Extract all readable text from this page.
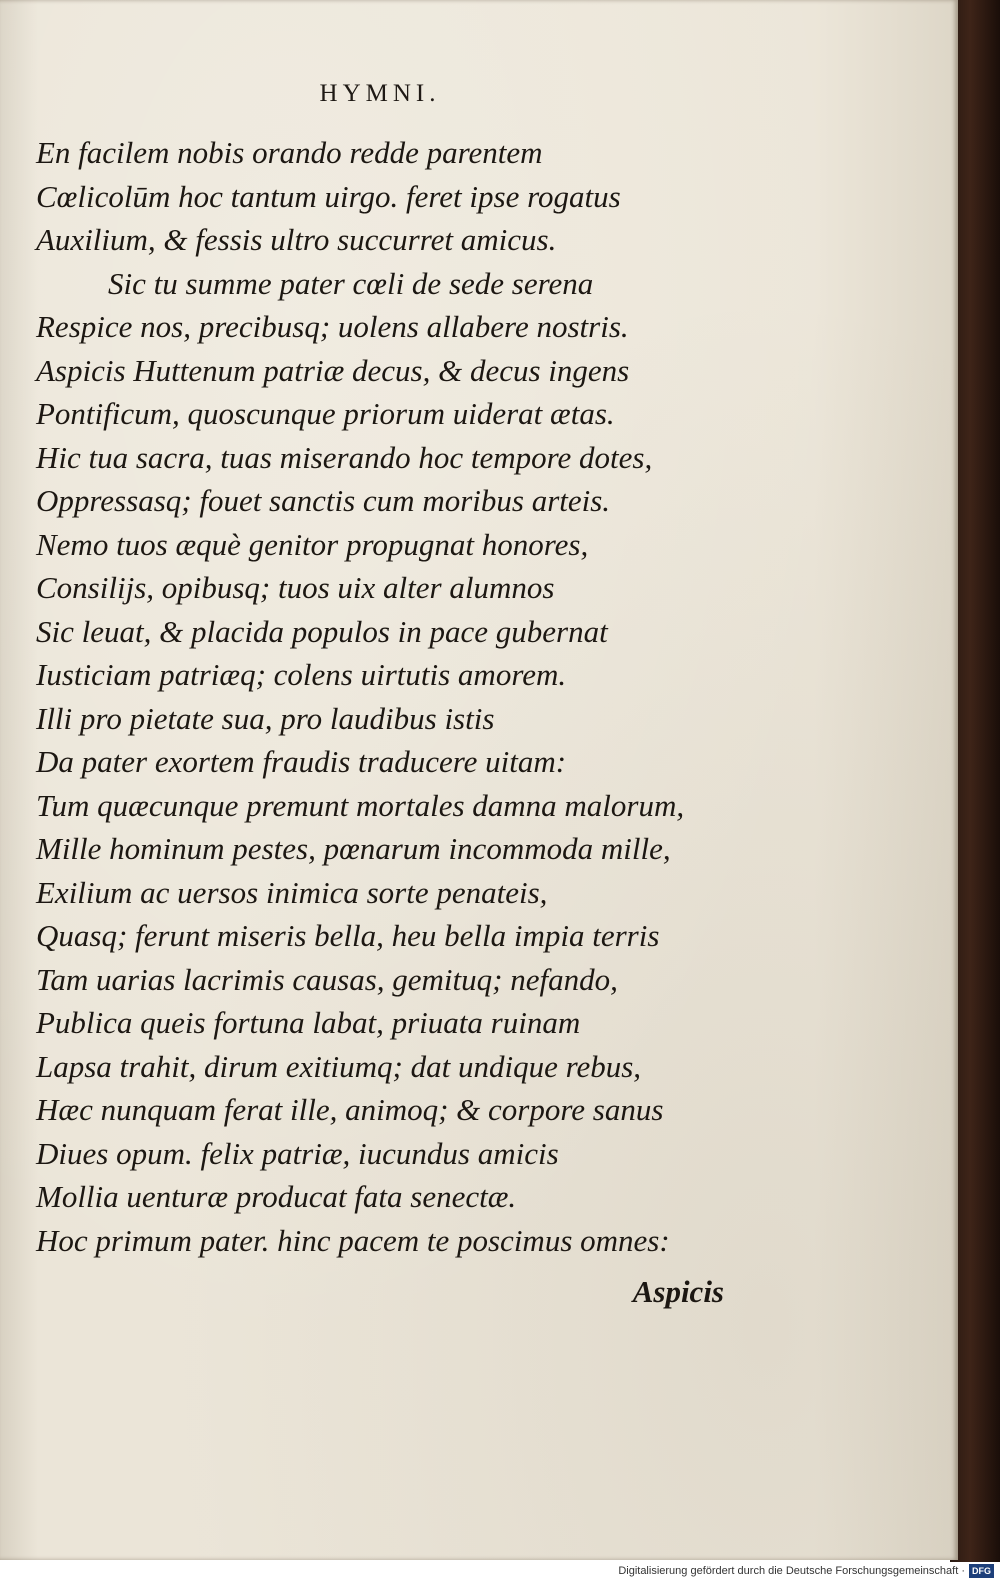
HYMNI.
En facilem nobis orando redde parentem
Cœlicolūm hoc tantum uirgo. feret ipse rogatus
Auxilium, & fessis ultro succurret amicus.
Sic tu summe pater cœli de sede serena
Respice nos, precibusq; uolens allabere nostris.
Aspicis Huttenum patriæ decus, & decus ingens
Pontificum, quoscunque priorum uiderat ætas.
Hic tua sacra, tuas miserando hoc tempore dotes,
Oppressasq; fouet sanctis cum moribus arteis.
Nemo tuos æquè genitor propugnat honores,
Consilijs, opibusq; tuos uix alter alumnos
Sic leuat, & placida populos in pace gubernat
Iusticiam patriæq; colens uirtutis amorem.
Illi pro pietate sua, pro laudibus istis
Da pater exortem fraudis traducere uitam:
Tum quæcunque premunt mortales damna malorum,
Mille hominum pestes, pœnarum incommoda mille,
Exilium ac uersos inimica sorte penateis,
Quasq; ferunt miseris bella, heu bella impia terris
Tam uarias lacrimis causas, gemituq; nefando,
Publica queis fortuna labat, priuata ruinam
Lapsa trahit, dirum exitiumq; dat undique rebus,
Hæc nunquam ferat ille, animoq; & corpore sanus
Diues opum. felix patriæ, iucundus amicis
Mollia uenturæ producat fata senectæ.
Hoc primum pater. hinc pacem te poscimus omnes:
Aspicis
Digitalisierung gefördert durch die Deutsche Forschungsgemeinschaft · DFG
